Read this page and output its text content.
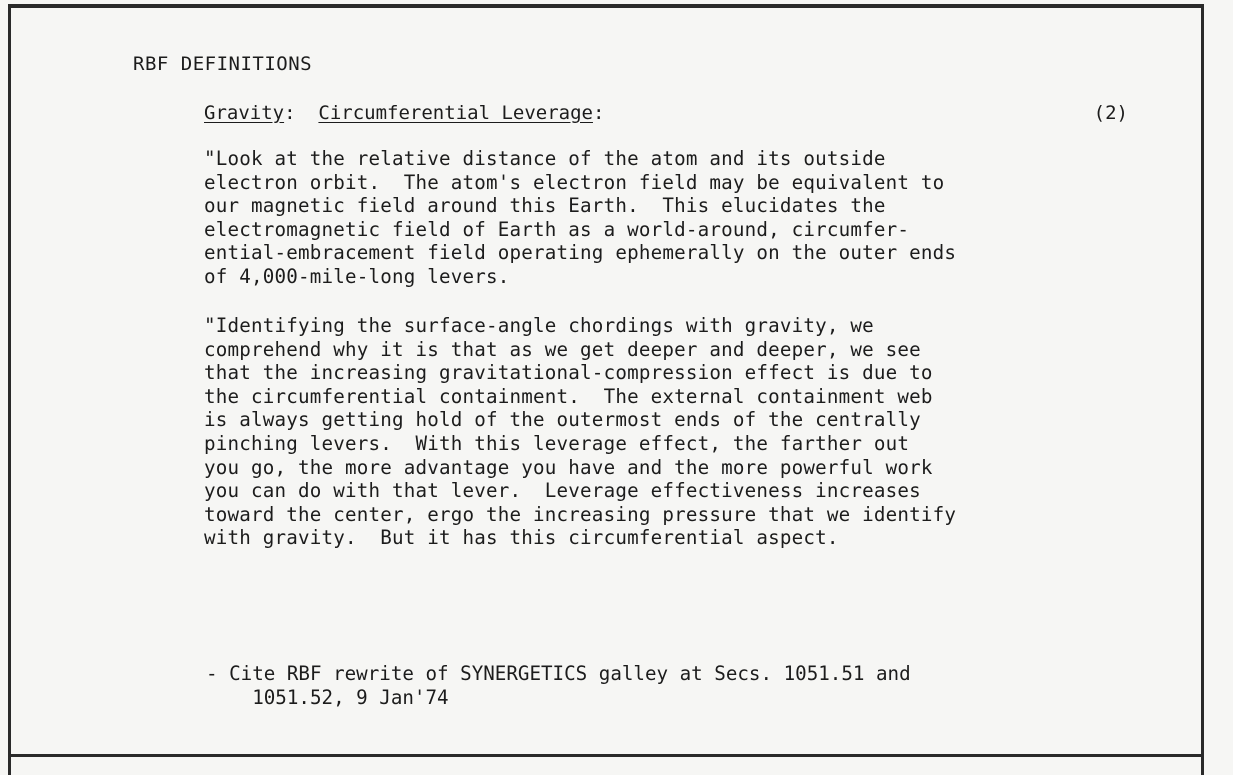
RBF DEFINITIONS
Gravity: Circumferential Leverage:	(2)

"Look at the relative distance of the atom and its outside
electron orbit.  The atom's electron field may be equivalent to
our magnetic field around this Earth.  This elucidates the
electromagnetic field of Earth as a world-around, circumfer-
ential-embracement field operating ephemerally on the outer ends
of 4,000-mile-long levers.

"Identifying the surface-angle chordings with gravity, we
comprehend why it is that as we get deeper and deeper, we see
that the increasing gravitational-compression effect is due to
the circumferential containment.  The external containment web
is always getting hold of the outermost ends of the centrally
pinching levers.  With this leverage effect, the farther out
you go, the more advantage you have and the more powerful work
you can do with that lever.  Leverage effectiveness increases
toward the center, ergo the increasing pressure that we identify
with gravity.  But it has this circumferential aspect.

- Cite RBF rewrite of SYNERGETICS galley at Secs. 1051.51 and
1051.52, 9 Jan'74
